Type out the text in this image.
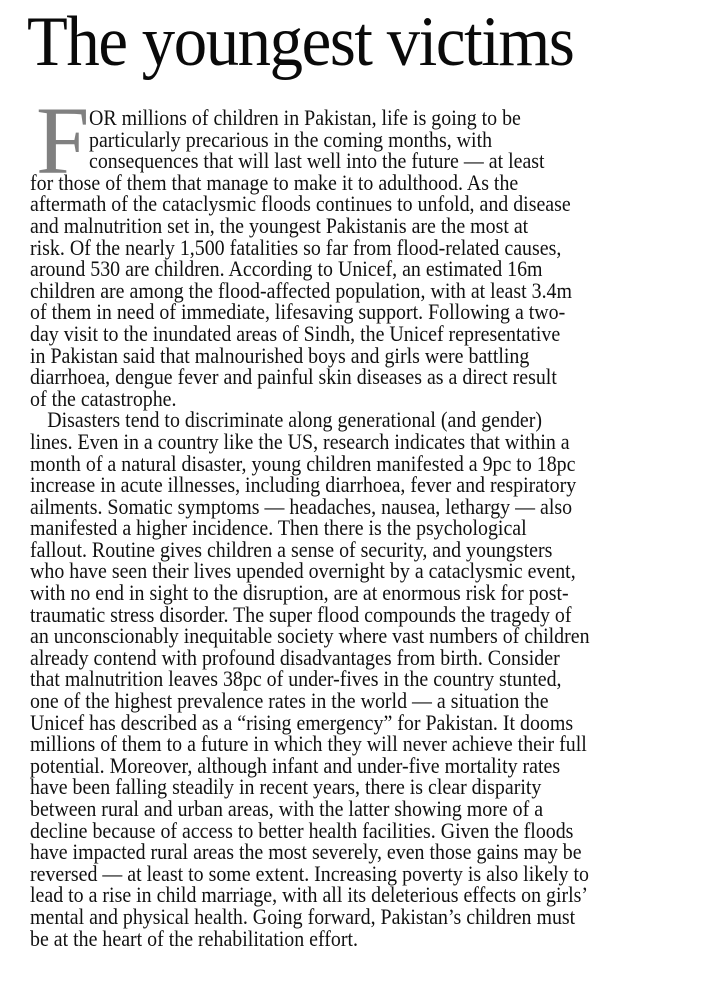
The youngest victims
F OR millions of children in Pakistan, life is going to be
particularly precarious in the coming months, with
consequences that will last well into the future — at least
for those of them that manage to make it to adulthood. As the
aftermath of the cataclysmic floods continues to unfold, and disease
and malnutrition set in, the youngest Pakistanis are the most at
risk. Of the nearly 1,500 fatalities so far from flood-related causes,
around 530 are children. According to Unicef, an estimated 16m
children are among the flood-affected population, with at least 3.4m
of them in need of immediate, lifesaving support. Following a two-
day visit to the inundated areas of Sindh, the Unicef representative
in Pakistan said that malnourished boys and girls were battling
diarrhoea, dengue fever and painful skin diseases as a direct result
of the catastrophe.
Disasters tend to discriminate along generational (and gender)
lines. Even in a country like the US, research indicates that within a
month of a natural disaster, young children manifested a 9pc to 18pc
increase in acute illnesses, including diarrhoea, fever and respiratory
ailments. Somatic symptoms — headaches, nausea, lethargy — also
manifested a higher incidence. Then there is the psychological
fallout. Routine gives children a sense of security, and youngsters
who have seen their lives upended overnight by a cataclysmic event,
with no end in sight to the disruption, are at enormous risk for post-
traumatic stress disorder. The super flood compounds the tragedy of
an unconscionably inequitable society where vast numbers of children
already contend with profound disadvantages from birth. Consider
that malnutrition leaves 38pc of under-fives in the country stunted,
one of the highest prevalence rates in the world — a situation the
Unicef has described as a “rising emergency” for Pakistan. It dooms
millions of them to a future in which they will never achieve their full
potential. Moreover, although infant and under-five mortality rates
have been falling steadily in recent years, there is clear disparity
between rural and urban areas, with the latter showing more of a
decline because of access to better health facilities. Given the floods
have impacted rural areas the most severely, even those gains may be
reversed — at least to some extent. Increasing poverty is also likely to
lead to a rise in child marriage, with all its deleterious effects on girls’
mental and physical health. Going forward, Pakistan’s children must
be at the heart of the rehabilitation effort.
